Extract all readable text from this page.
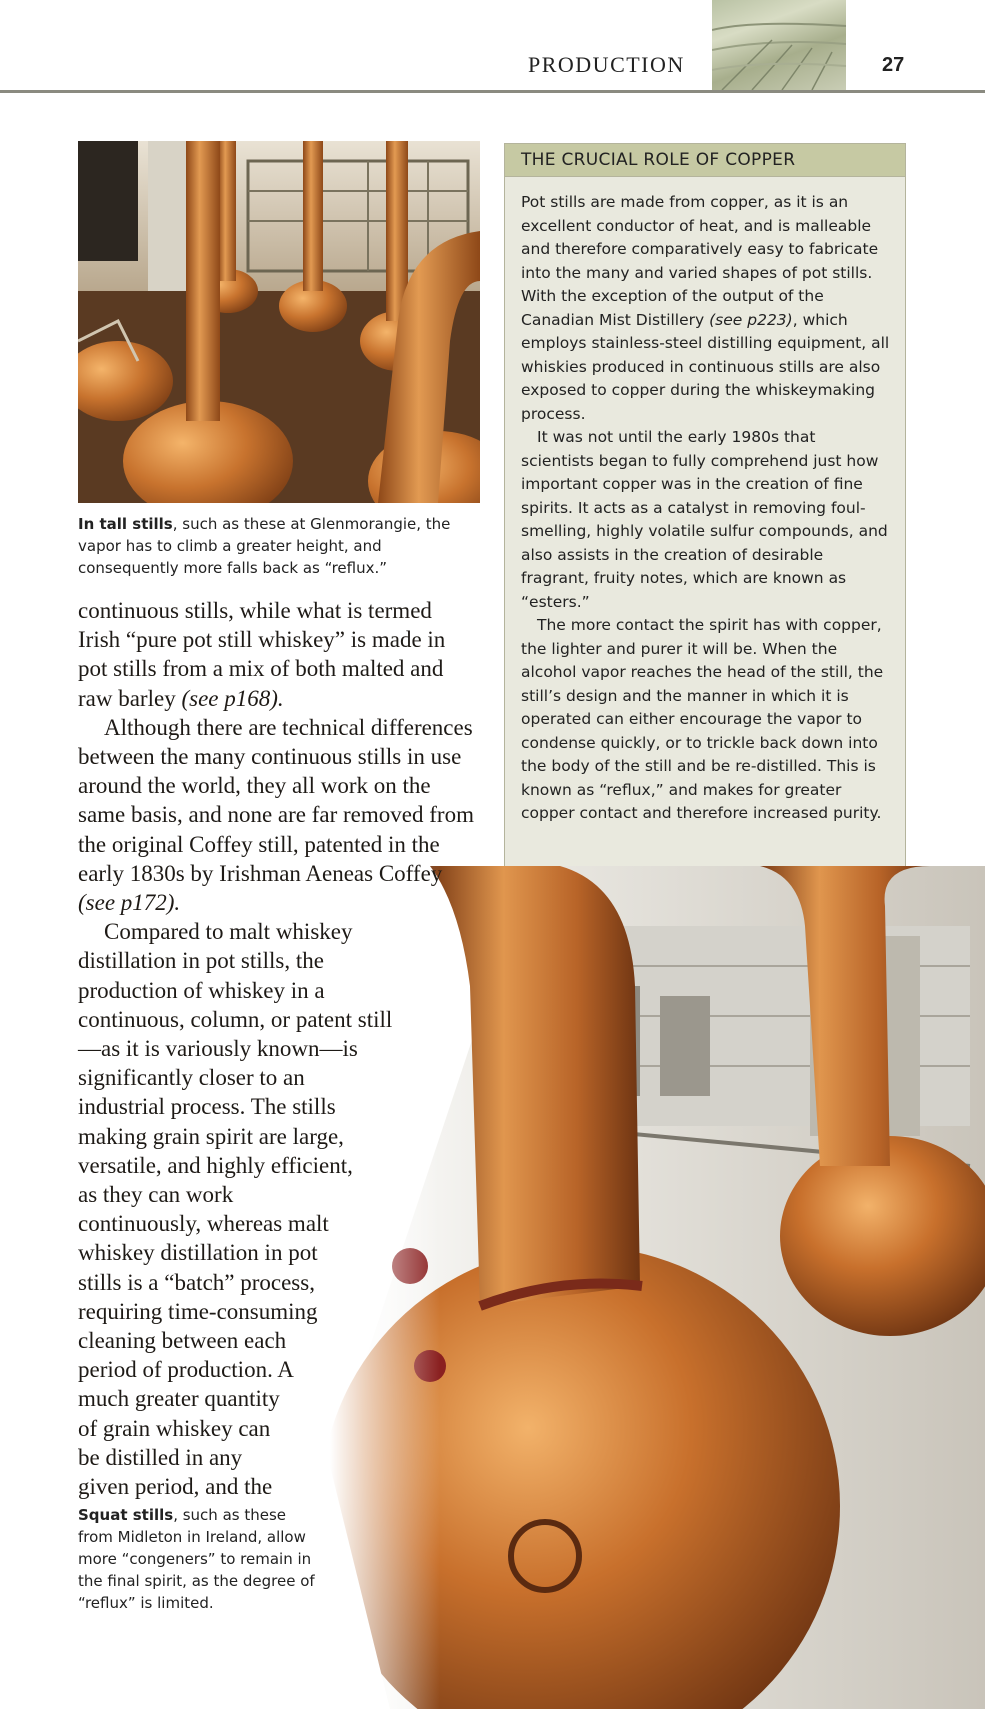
PRODUCTION	27
In tall stills, such as these at Glenmorangie, the vapor has to climb a greater height, and consequently more falls back as “reflux.”

continuous stills, while what is termed Irish “pure pot still whiskey” is made in pot stills from a mix of both malted and raw barley (see p168).

Although there are technical differences between the many continuous stills in use around the world, they all work on the same basis, and none are far removed from the original Coffey still, patented in the early 1830s by Irishman Aeneas Coffey (see p172).

Compared to malt whiskey
distillation in pot stills, the
production of whiskey in a
continuous, column, or patent still
—as it is variously known—is
significantly closer to an
industrial process. The stills
making grain spirit are large,
versatile, and highly efficient,
as they can work
continuously, whereas malt
whiskey distillation in pot
stills is a “batch” process,
requiring time-consuming
cleaning between each
period of production. A
much greater quantity
of grain whiskey can
be distilled in any
given period, and the

Squat stills, such as these from Midleton in Ireland, allow more “congeners” to remain in the final spirit, as the degree of “reflux” is limited.
THE CRUCIAL ROLE OF COPPER

Pot stills are made from copper, as it is an excellent conductor of heat, and is malleable and therefore comparatively easy to fabricate into the many and varied shapes of pot stills. With the exception of the output of the Canadian Mist Distillery (see p223), which employs stainless-steel distilling equipment, all whiskies produced in continuous stills are also exposed to copper during the whiskeymaking process.

It was not until the early 1980s that scientists began to fully comprehend just how important copper was in the creation of fine spirits. It acts as a catalyst in removing foul-smelling, highly volatile sulfur compounds, and also assists in the creation of desirable fragrant, fruity notes, which are known as “esters.”

The more contact the spirit has with copper, the lighter and purer it will be. When the alcohol vapor reaches the head of the still, the still’s design and the manner in which it is operated can either encourage the vapor to condense quickly, or to trickle back down into the body of the still and be re-distilled. This is known as “reflux,” and makes for greater copper contact and therefore increased purity.
